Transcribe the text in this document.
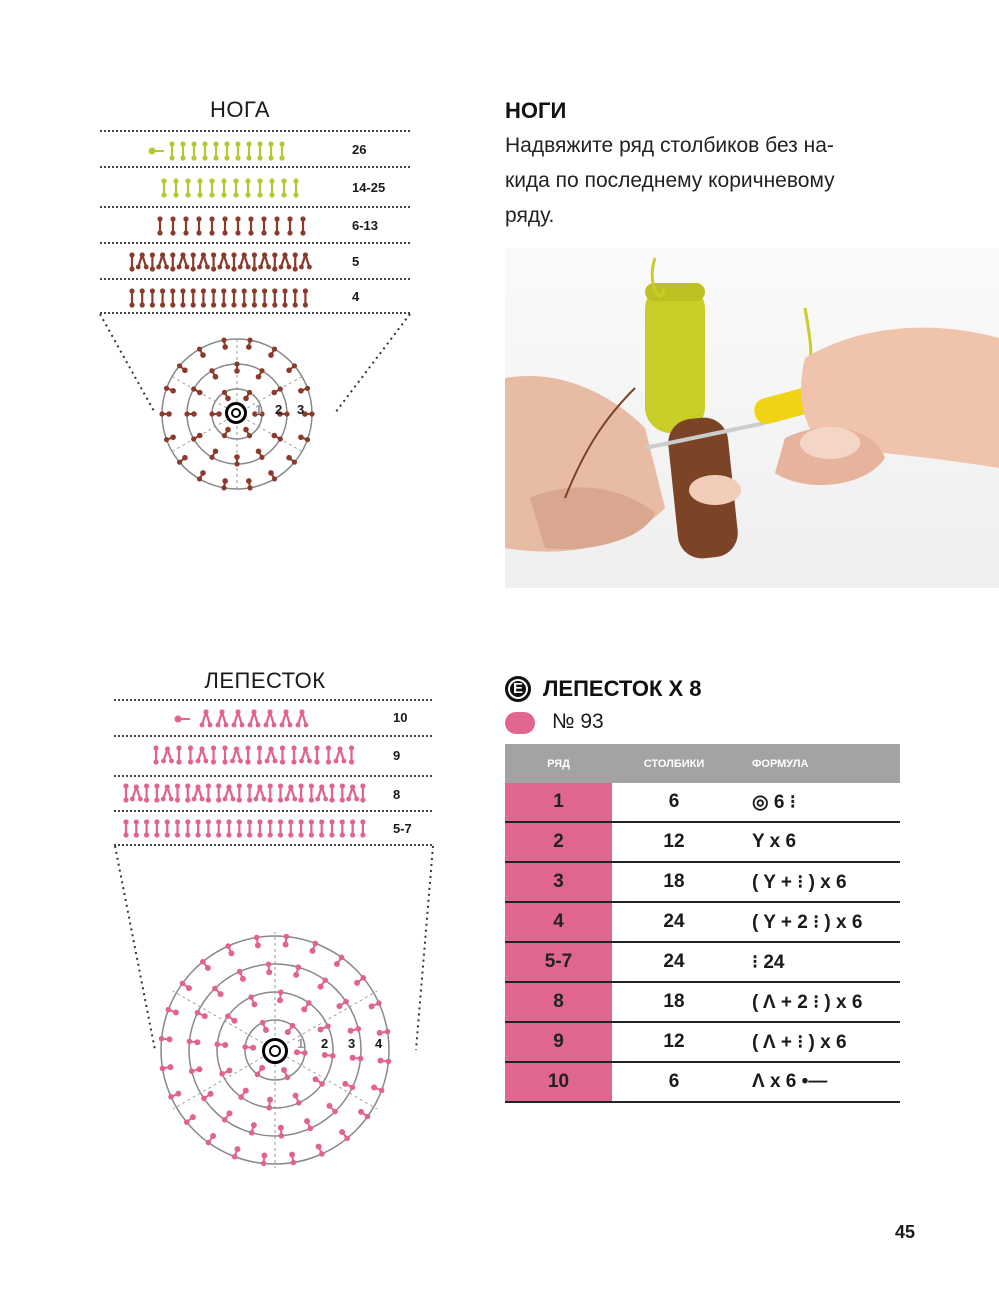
НОГА
26
14-25
6-13
5
4
1 2 3
НОГИ
Надвяжите ряд столбиков без на-
кида по последнему коричневому
ряду.
ЛЕПЕСТОК
10
9
8
5-7
1 2 3 4
E ЛЕПЕСТОК X 8
№ 93
РЯД	СТОЛБИКИ	ФОРМУЛА
1	6	◎ 6 ⁝
2	12	Y x 6
3	18	( Y + ⁝ ) x 6
4	24	( Y + 2 ⁝ ) x 6
5-7	24	⁝ 24
8	18	( Λ + 2 ⁝ ) x 6
9	12	( Λ + ⁝ ) x 6
10	6	Λ x 6 •—
45
